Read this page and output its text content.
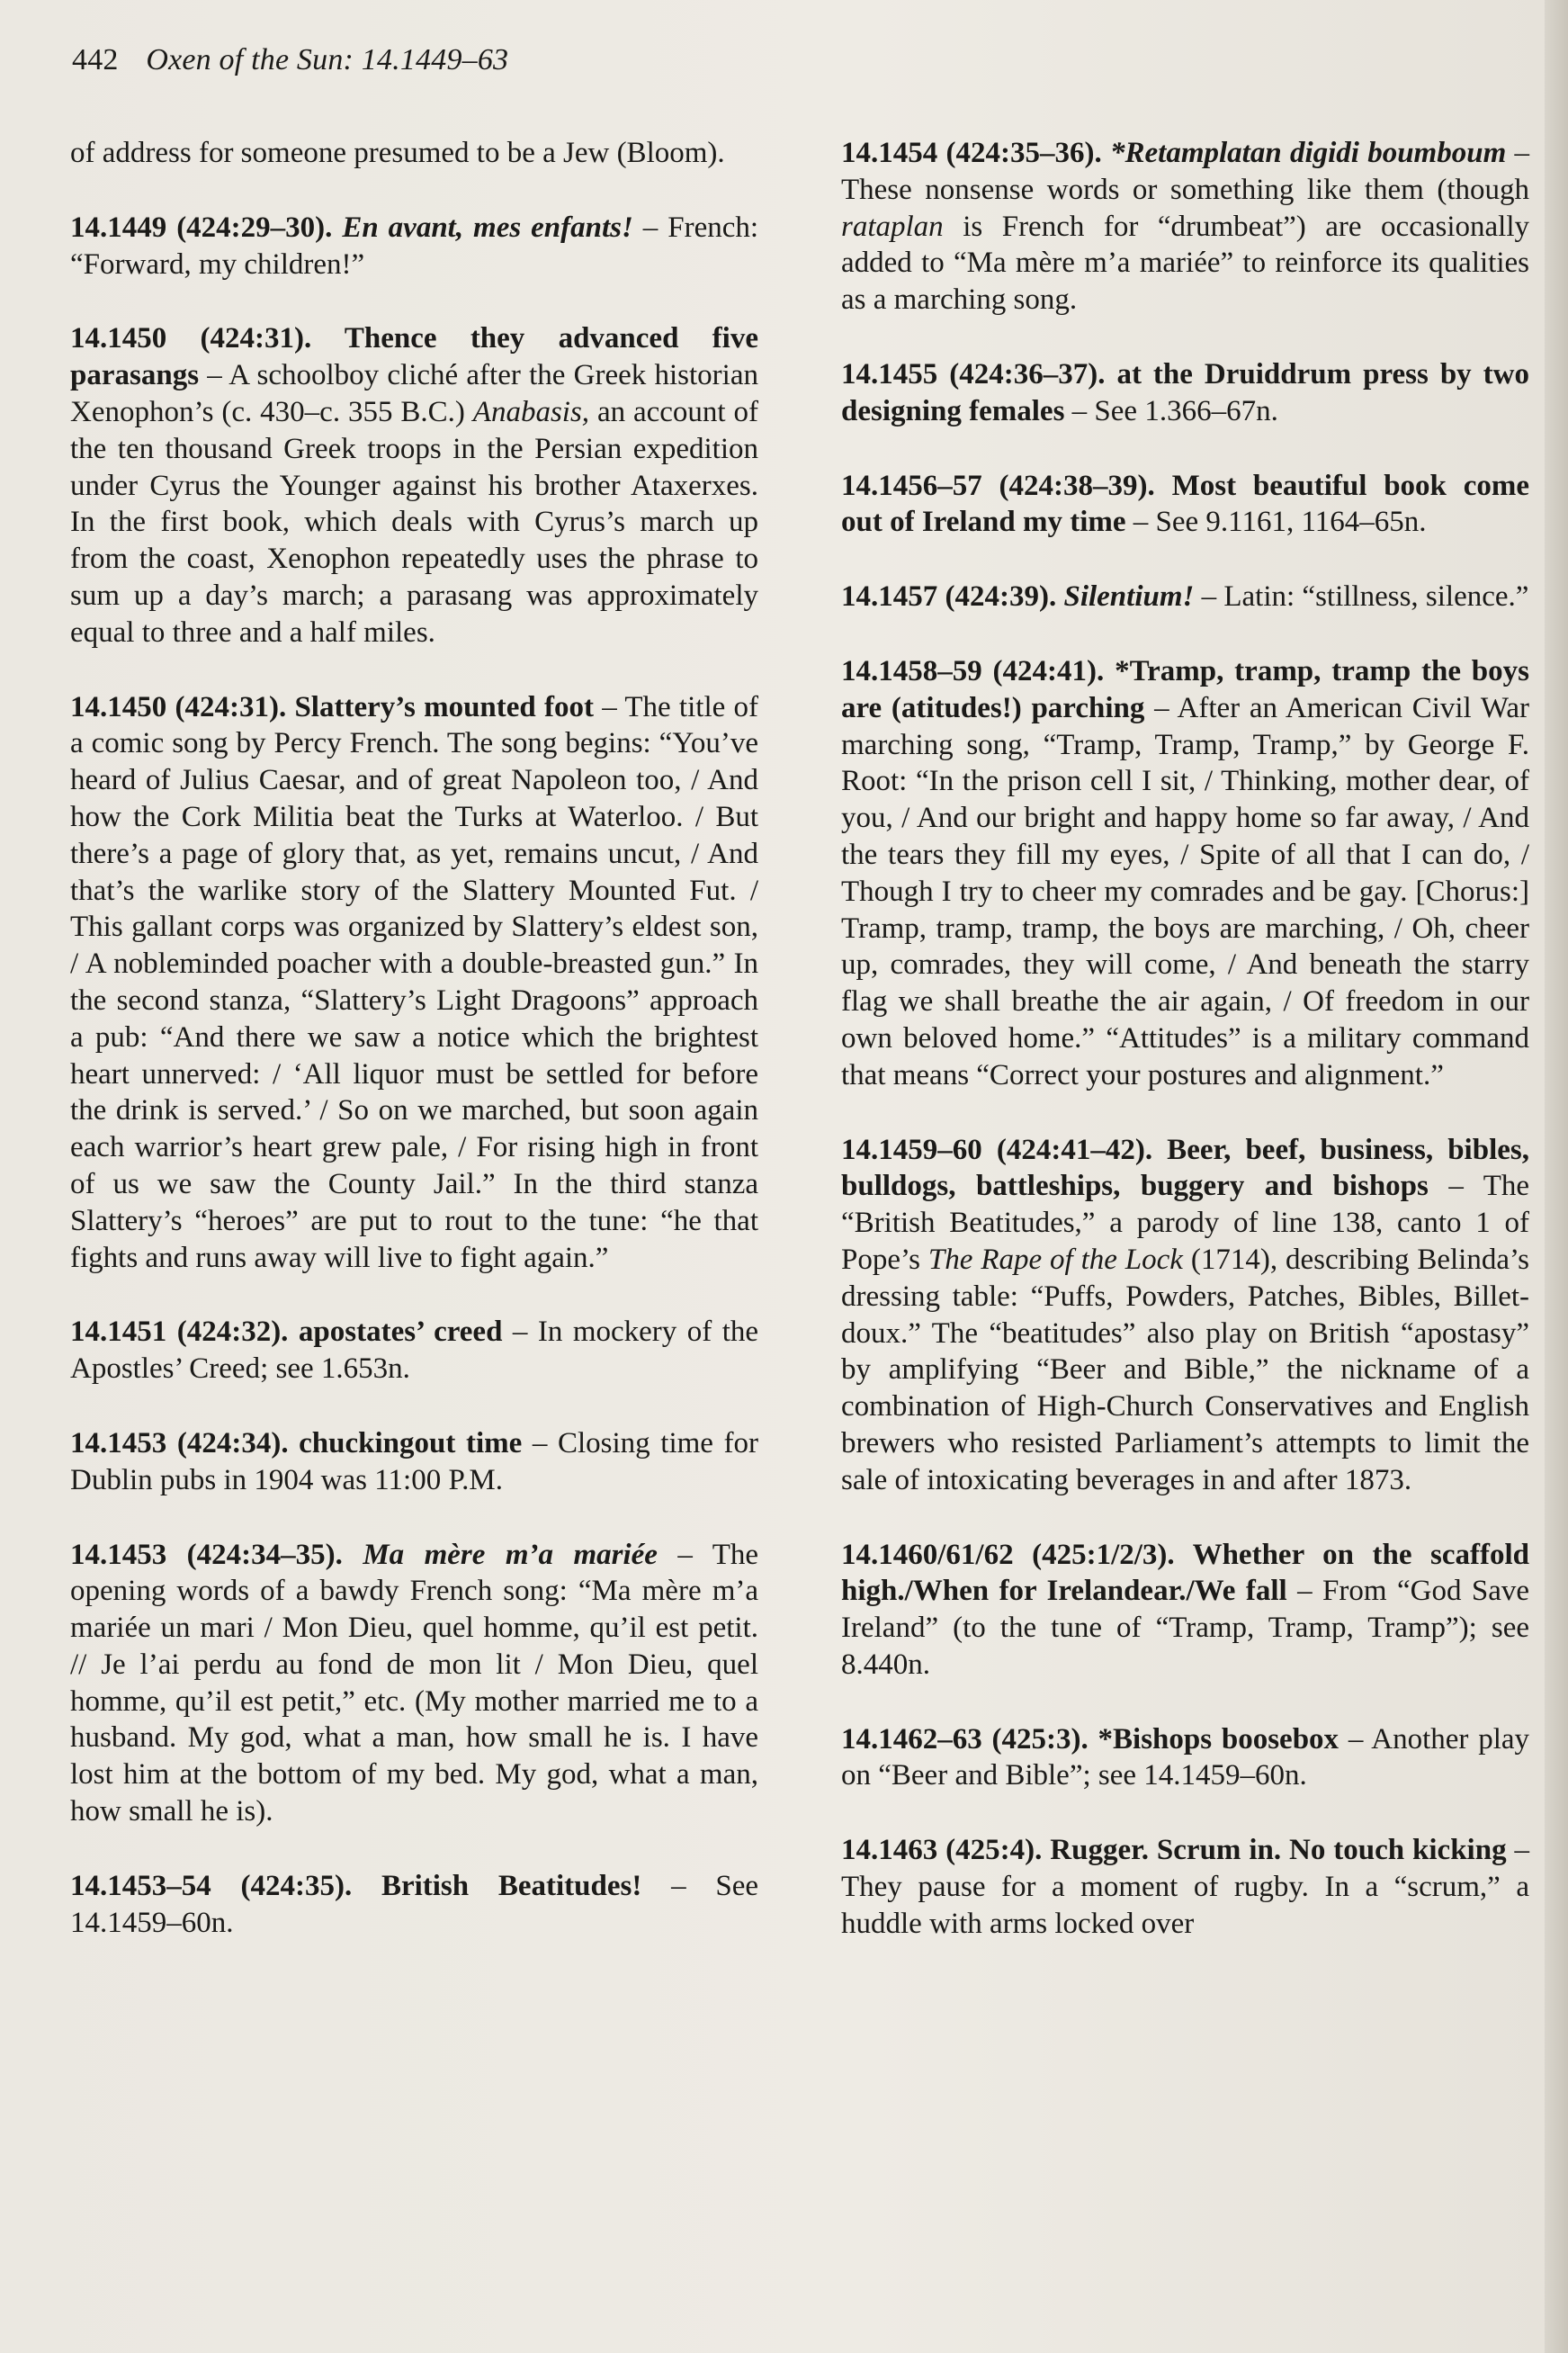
442 Oxen of the Sun: 14.1449–63

of address for someone presumed to be a Jew (Bloom).

14.1449 (424:29–30). En avant, mes enfants! – French: “Forward, my children!”

14.1450 (424:31). Thence they advanced five parasangs – A schoolboy cliché after the Greek historian Xenophon’s (c. 430–c. 355 B.C.) Anabasis, an account of the ten thousand Greek troops in the Persian expedition under Cyrus the Younger against his brother Ataxerxes. In the first book, which deals with Cyrus’s march up from the coast, Xenophon repeatedly uses the phrase to sum up a day’s march; a parasang was approximately equal to three and a half miles.

14.1450 (424:31). Slattery’s mounted foot – The title of a comic song by Percy French. The song begins: “You’ve heard of Julius Caesar, and of great Napoleon too, / And how the Cork Militia beat the Turks at Waterloo. / But there’s a page of glory that, as yet, remains uncut, / And that’s the warlike story of the Slattery Mounted Fut. / This gallant corps was organized by Slattery’s eldest son, / A nobleminded poacher with a double-breasted gun.” In the second stanza, “Slattery’s Light Dragoons” approach a pub: “And there we saw a notice which the brightest heart unnerved: / ‘All liquor must be settled for before the drink is served.’ / So on we marched, but soon again each warrior’s heart grew pale, / For rising high in front of us we saw the County Jail.” In the third stanza Slattery’s “heroes” are put to rout to the tune: “he that fights and runs away will live to fight again.”

14.1451 (424:32). apostates’ creed – In mockery of the Apostles’ Creed; see 1.653n.

14.1453 (424:34). chuckingout time – Closing time for Dublin pubs in 1904 was 11:00 P.M.

14.1453 (424:34–35). Ma mère m’a mariée – The opening words of a bawdy French song: “Ma mère m’a mariée un mari / Mon Dieu, quel homme, qu’il est petit. // Je l’ai perdu au fond de mon lit / Mon Dieu, quel homme, qu’il est petit,” etc. (My mother married me to a husband. My god, what a man, how small he is. I have lost him at the bottom of my bed. My god, what a man, how small he is).

14.1453–54 (424:35). British Beatitudes! – See 14.1459–60n.

14.1454 (424:35–36). *Retamplatan digidi boumboum – These nonsense words or something like them (though rataplan is French for “drumbeat”) are occasionally added to “Ma mère m’a mariée” to reinforce its qualities as a marching song.

14.1455 (424:36–37). at the Druiddrum press by two designing females – See 1.366–67n.

14.1456–57 (424:38–39). Most beautiful book come out of Ireland my time – See 9.1161, 1164–65n.

14.1457 (424:39). Silentium! – Latin: “stillness, silence.”

14.1458–59 (424:41). *Tramp, tramp, tramp the boys are (atitudes!) parching – After an American Civil War marching song, “Tramp, Tramp, Tramp,” by George F. Root: “In the prison cell I sit, / Thinking, mother dear, of you, / And our bright and happy home so far away, / And the tears they fill my eyes, / Spite of all that I can do, / Though I try to cheer my comrades and be gay. [Chorus:] Tramp, tramp, tramp, the boys are marching, / Oh, cheer up, comrades, they will come, / And beneath the starry flag we shall breathe the air again, / Of freedom in our own beloved home.” “Attitudes” is a military command that means “Correct your postures and alignment.”

14.1459–60 (424:41–42). Beer, beef, business, bibles, bulldogs, battleships, buggery and bishops – The “British Beatitudes,” a parody of line 138, canto 1 of Pope’s The Rape of the Lock (1714), describing Belinda’s dressing table: “Puffs, Powders, Patches, Bibles, Billet-doux.” The “beatitudes” also play on British “apostasy” by amplifying “Beer and Bible,” the nickname of a combination of High-Church Conservatives and English brewers who resisted Parliament’s attempts to limit the sale of intoxicating beverages in and after 1873.

14.1460/61/62 (425:1/2/3). Whether on the scaffold high./When for Irelandear./We fall – From “God Save Ireland” (to the tune of “Tramp, Tramp, Tramp”); see 8.440n.

14.1462–63 (425:3). *Bishops boosebox – Another play on “Beer and Bible”; see 14.1459–60n.

14.1463 (425:4). Rugger. Scrum in. No touch kicking – They pause for a moment of rugby. In a “scrum,” a huddle with arms locked over
